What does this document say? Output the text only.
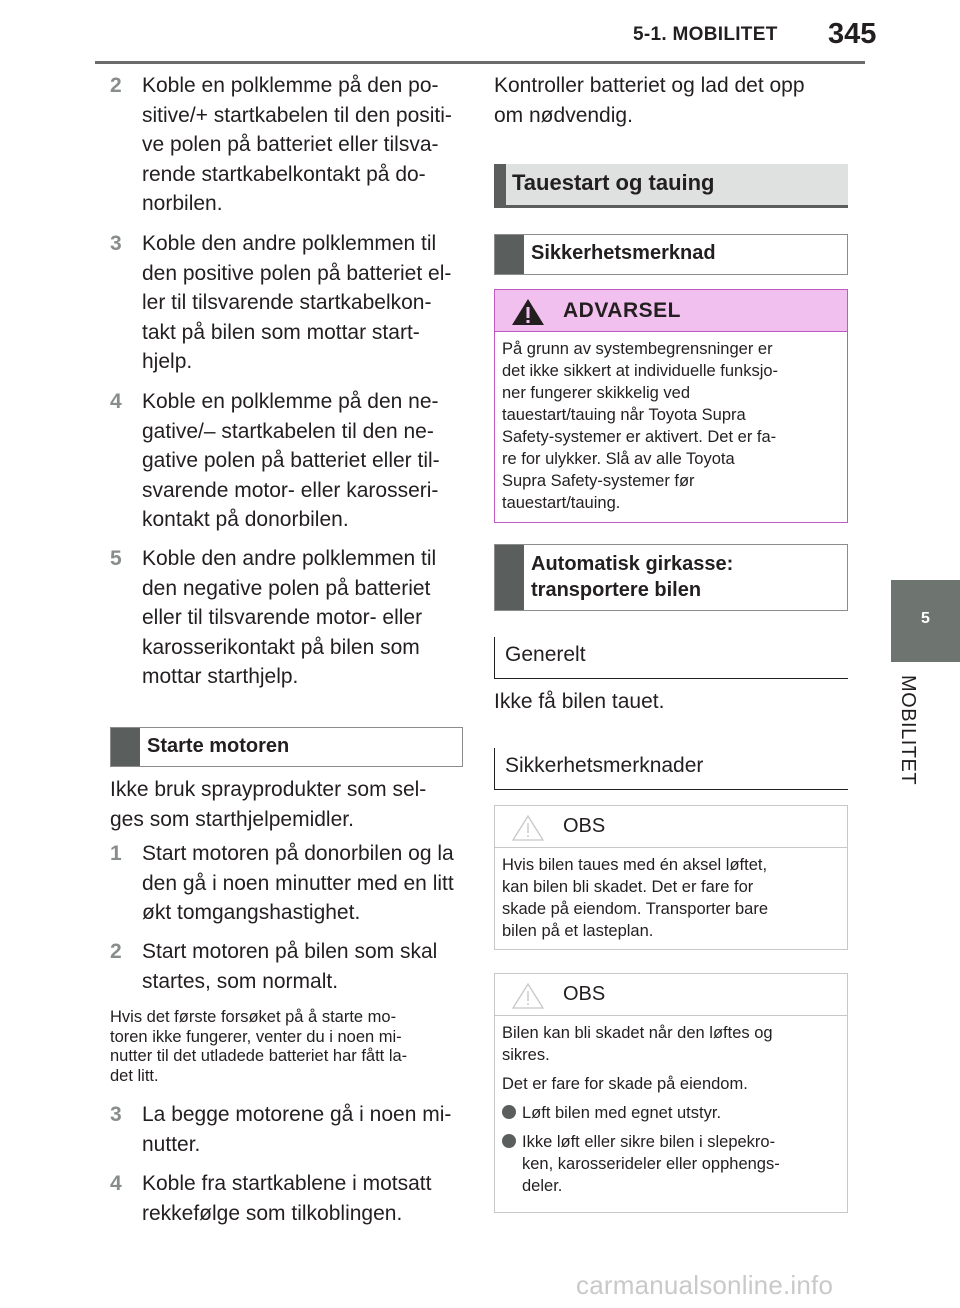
5-1. MOBILITET 345
5
MOBILITET
2 Koble en polklemme på den po-
sitive/+ startkabelen til den positi-
ve polen på batteriet eller tilsva-
rende startkabelkontakt på do-
norbilen.
3 Koble den andre polklemmen til
den positive polen på batteriet el-
ler til tilsvarende startkabelkon-
takt på bilen som mottar start-
hjelp.
4 Koble en polklemme på den ne-
gative/– startkabelen til den ne-
gative polen på batteriet eller til-
svarende motor- eller karosseri-
kontakt på donorbilen.
5 Koble den andre polklemmen til
den negative polen på batteriet
eller til tilsvarende motor- eller
karosserikontakt på bilen som
mottar starthjelp.
Starte motoren
Ikke bruk sprayprodukter som sel-
ges som starthjelpemidler.
1 Start motoren på donorbilen og la
den gå i noen minutter med en litt
økt tomgangshastighet.
2 Start motoren på bilen som skal
startes, som normalt.
Hvis det første forsøket på å starte mo-
toren ikke fungerer, venter du i noen mi-
nutter til det utladede batteriet har fått la-
det litt.
3 La begge motorene gå i noen mi-
nutter.
4 Koble fra startkablene i motsatt
rekkefølge som tilkoblingen.
Kontroller batteriet og lad det opp
om nødvendig.
Tauestart og tauing
Sikkerhetsmerknad
ADVARSEL
På grunn av systembegrensninger er
det ikke sikkert at individuelle funksjo-
ner fungerer skikkelig ved
tauestart/tauing når Toyota Supra
Safety-systemer er aktivert. Det er fa-
re for ulykker. Slå av alle Toyota
Supra Safety-systemer før
tauestart/tauing.
Automatisk girkasse:
transportere bilen
Generelt
Ikke få bilen tauet.
Sikkerhetsmerknader
OBS
Hvis bilen taues med én aksel løftet,
kan bilen bli skadet. Det er fare for
skade på eiendom. Transporter bare
bilen på et lasteplan.
OBS

Bilen kan bli skadet når den løftes og
sikres.

Det er fare for skade på eiendom.

Løft bilen med egnet utstyr.
Ikke løft eller sikre bilen i slepekro-
ken, karosserideler eller opphengs-
deler.
carmanualsonline.info
